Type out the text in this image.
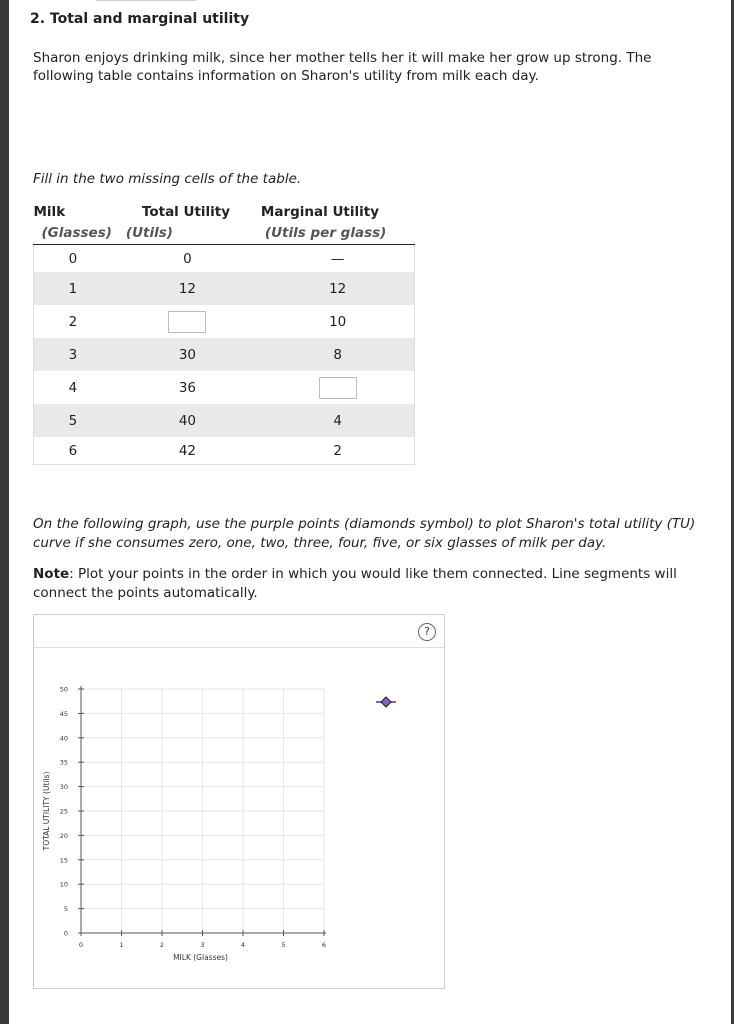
2. Total and marginal utility
Sharon enjoys drinking milk, since her mother tells her it will make her grow up strong. The following table contains information on Sharon's utility from milk each day.
Fill in the two missing cells of the table.
Milk	Total Utility	Marginal Utility
(Glasses)	(Utils)	(Utils per glass)
0	0	—
1	12	12
2		10
3	30	8
4	36	
5	40	4
6	42	2
On the following graph, use the purple points (diamonds symbol) to plot Sharon's total utility (TU) curve if she consumes zero, one, two, three, four, five, or six glasses of milk per day.
Note: Plot your points in the order in which you would like them connected. Line segments will connect the points automatically.
?
0
5
10
15
20
25
30
35
40
45
50
0	1	2	3	4	5	6
MILK (Glasses)
TOTAL UTILITY (Utils)
